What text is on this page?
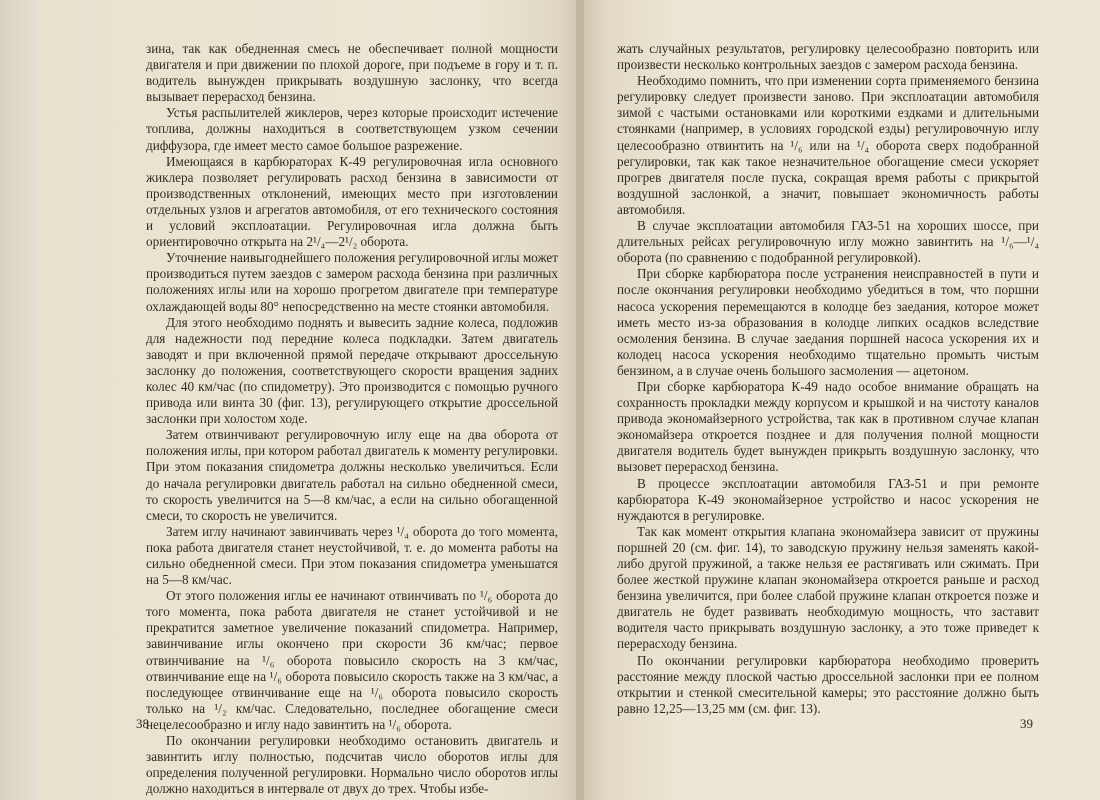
зина, так как обедненная смесь не обеспечивает полной мощности двигателя и при движении по плохой дороге, при подъеме в гору и т. п. водитель вынужден прикрывать воздушную заслонку, что всегда вызывает перерасход бензина.

Устья распылителей жиклеров, через которые происходит истечение топлива, должны находиться в соответствующем узком сечении диффузора, где имеет место самое большое разрежение.

Имеющаяся в карбюраторах К-49 регулировочная игла основного жиклера позволяет регулировать расход бензина в зависимости от производственных отклонений, имеющих место при изготовлении отдельных узлов и агрегатов автомобиля, от его технического состояния и условий эксплоатации. Регулировочная игла должна быть ориентировочно открыта на 2¹/₄—2¹/₂ оборота.

Уточнение наивыгоднейшего положения регулировочной иглы может производиться путем заездов с замером расхода бензина при различных положениях иглы или на хорошо прогретом двигателе при температуре охлаждающей воды 80° непосредственно на месте стоянки автомобиля.

Для этого необходимо поднять и вывесить задние колеса, подложив для надежности под передние колеса подкладки. Затем двигатель заводят и при включенной прямой передаче открывают дроссельную заслонку до положения, соответствующего скорости вращения задних колес 40 км/час (по спидометру). Это производится с помощью ручного привода или винта 30 (фиг. 13), регулирующего открытие дроссельной заслонки при холостом ходе.

Затем отвинчивают регулировочную иглу еще на два оборота от положения иглы, при котором работал двигатель к моменту регулировки. При этом показания спидометра должны несколько увеличиться. Если до начала регулировки двигатель работал на сильно обедненной смеси, то скорость увеличится на 5—8 км/час, а если на сильно обогащенной смеси, то скорость не увеличится.

Затем иглу начинают завинчивать через ¹/₄ оборота до того момента, пока работа двигателя станет неустойчивой, т. е. до момента работы на сильно обедненной смеси. При этом показания спидометра уменьшатся на 5—8 км/час.

От этого положения иглы ее начинают отвинчивать по ¹/₆ оборота до того момента, пока работа двигателя не станет устойчивой и не прекратится заметное увеличение показаний спидометра. Например, завинчивание иглы окончено при скорости 36 км/час; первое отвинчивание на ¹/₆ оборота повысило скорость на 3 км/час, отвинчивание еще на ¹/₆ оборота повысило скорость также на 3 км/час, а последующее отвинчивание еще на ¹/₆ оборота повысило скорость только на ¹/₂ км/час. Следовательно, последнее обогащение смеси нецелесообразно и иглу надо завинтить на ¹/₆ оборота.

По окончании регулировки необходимо остановить двигатель и завинтить иглу полностью, подсчитав число оборотов иглы для определения полученной регулировки. Нормально число оборотов иглы должно находиться в интервале от двух до трех. Чтобы избе-

38

жать случайных результатов, регулировку целесообразно повторить или произвести несколько контрольных заездов с замером расхода бензина.

Необходимо помнить, что при изменении сорта применяемого бензина регулировку следует произвести заново. При эксплоатации автомобиля зимой с частыми остановками или короткими ездками и длительными стоянками (например, в условиях городской езды) регулировочную иглу целесообразно отвинтить на ¹/₆ или на ¹/₄ оборота сверх подобранной регулировки, так как такое незначительное обогащение смеси ускоряет прогрев двигателя после пуска, сокращая время работы с прикрытой воздушной заслонкой, а значит, повышает экономичность работы автомобиля.

В случае эксплоатации автомобиля ГАЗ-51 на хороших шоссе, при длительных рейсах регулировочную иглу можно завинтить на ¹/₆—¹/₄ оборота (по сравнению с подобранной регулировкой).

При сборке карбюратора после устранения неисправностей в пути и после окончания регулировки необходимо убедиться в том, что поршни насоса ускорения перемещаются в колодце без заедания, которое может иметь место из-за образования в колодце липких осадков вследствие осмоления бензина. В случае заедания поршней насоса ускорения их и колодец насоса ускорения необходимо тщательно промыть чистым бензином, а в случае очень большого засмоления — ацетоном.

При сборке карбюратора К-49 надо особое внимание обращать на сохранность прокладки между корпусом и крышкой и на чистоту каналов привода экономайзерного устройства, так как в противном случае клапан экономайзера откроется позднее и для получения полной мощности двигателя водитель будет вынужден прикрыть воздушную заслонку, что вызовет перерасход бензина.

В процессе эксплоатации автомобиля ГАЗ-51 и при ремонте карбюратора К-49 экономайзерное устройство и насос ускорения не нуждаются в регулировке.

Так как момент открытия клапана экономайзера зависит от пружины поршней 20 (см. фиг. 14), то заводскую пружину нельзя заменять какой-либо другой пружиной, а также нельзя ее растягивать или сжимать. При более жесткой пружине клапан экономайзера откроется раньше и расход бензина увеличится, при более слабой пружине клапан откроется позже и двигатель не будет развивать необходимую мощность, что заставит водителя часто прикрывать воздушную заслонку, а это тоже приведет к перерасходу бензина.

По окончании регулировки карбюратора необходимо проверить расстояние между плоской частью дроссельной заслонки при ее полном открытии и стенкой смесительной камеры; это расстояние должно быть равно 12,25—13,25 мм (см. фиг. 13).

39
